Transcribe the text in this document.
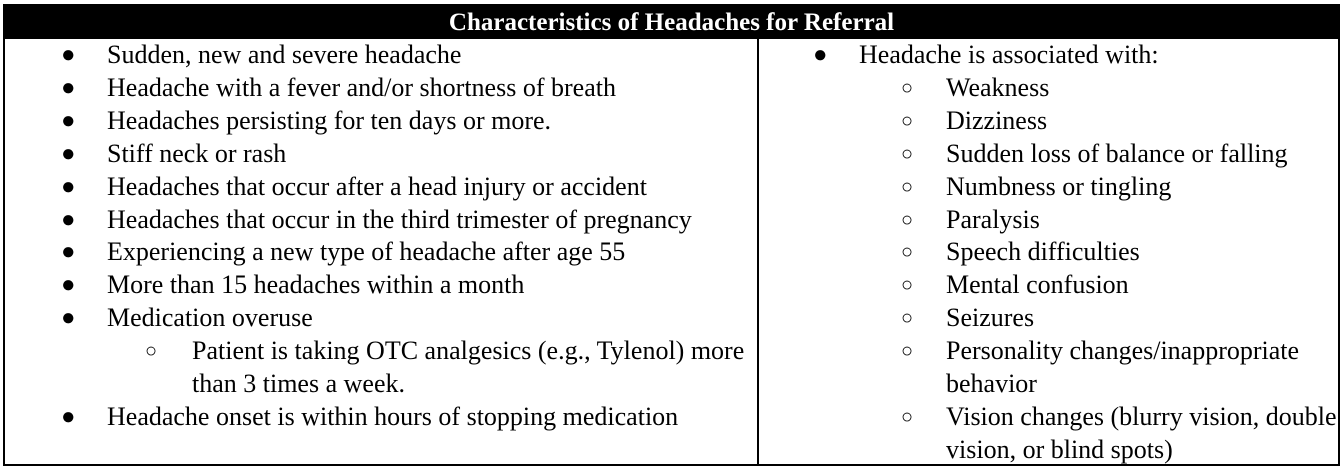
Characteristics of Headaches for Referral
● Sudden, new and severe headache
● Headache with a fever and/or shortness of breath
● Headaches persisting for ten days or more.
● Stiff neck or rash
● Headaches that occur after a head injury or accident
● Headaches that occur in the third trimester of pregnancy
● Experiencing a new type of headache after age 55
● More than 15 headaches within a month
● Medication overuse
○ Patient is taking OTC analgesics (e.g., Tylenol) more than 3 times a week.
● Headache onset is within hours of stopping medication
● Headache is associated with:
○ Weakness
○ Dizziness
○ Sudden loss of balance or falling
○ Numbness or tingling
○ Paralysis
○ Speech difficulties
○ Mental confusion
○ Seizures
○ Personality changes/inappropriate behavior
○ Vision changes (blurry vision, double vision, or blind spots)
